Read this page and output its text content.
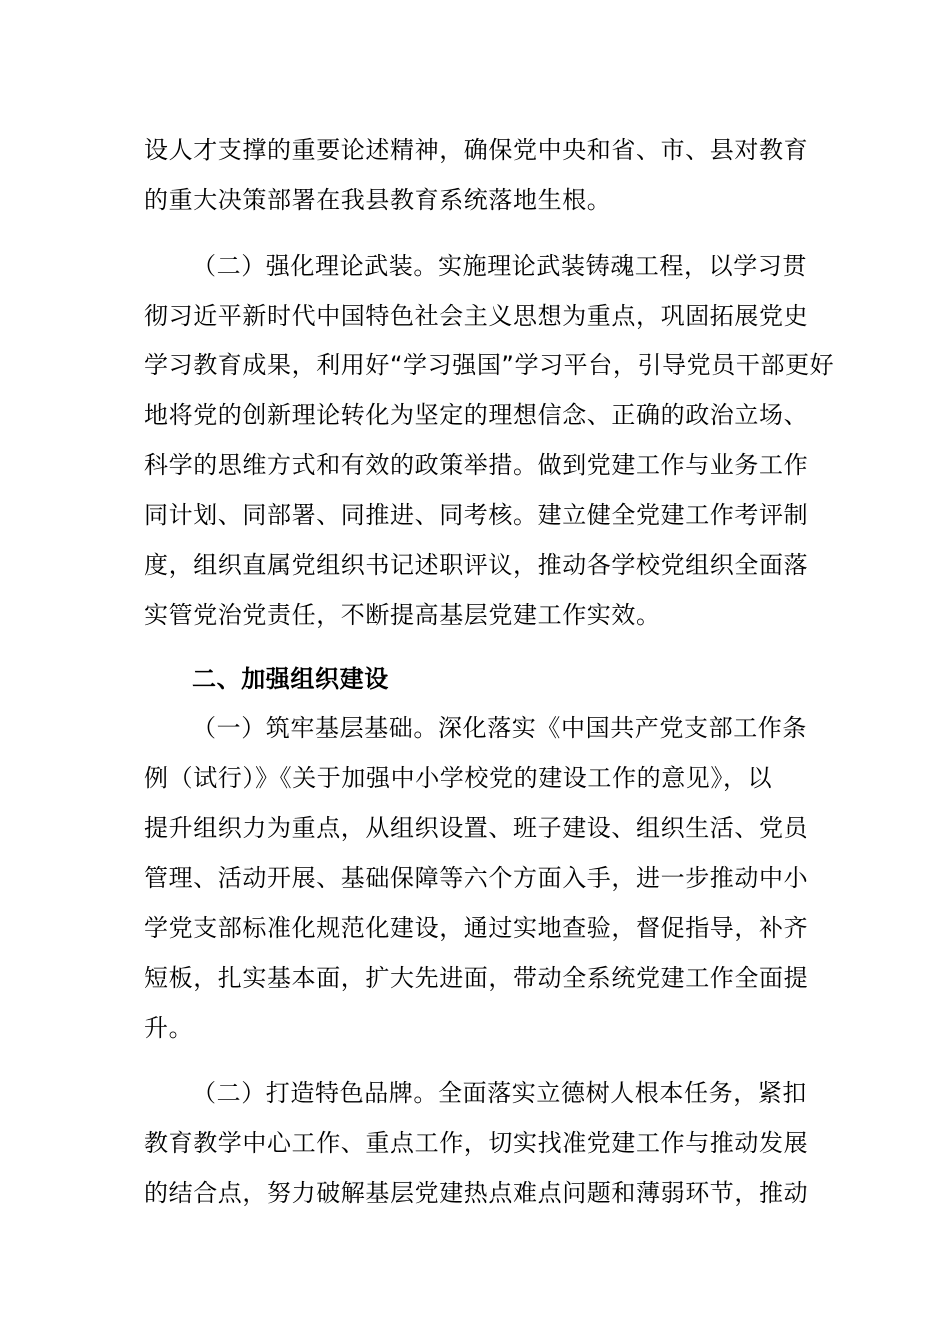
设人才支撑的重要论述精神，确保党中央和省、市、县对教育
的重大决策部署在我县教育系统落地生根。
（二）强化理论武装。实施理论武装铸魂工程，以学习贯
彻习近平新时代中国特色社会主义思想为重点，巩固拓展党史
学习教育成果，利用好“学习强国”学习平台，引导党员干部更好
地将党的创新理论转化为坚定的理想信念、正确的政治立场、
科学的思维方式和有效的政策举措。做到党建工作与业务工作
同计划、同部署、同推进、同考核。建立健全党建工作考评制
度，组织直属党组织书记述职评议，推动各学校党组织全面落
实管党治党责任，不断提高基层党建工作实效。
二、加强组织建设
（一）筑牢基层基础。深化落实《中国共产党支部工作条
例（试行）》《关于加强中小学校党的建设工作的意见》，以
提升组织力为重点，从组织设置、班子建设、组织生活、党员
管理、活动开展、基础保障等六个方面入手，进一步推动中小
学党支部标准化规范化建设，通过实地查验，督促指导，补齐
短板，扎实基本面，扩大先进面，带动全系统党建工作全面提
升。
（二）打造特色品牌。全面落实立德树人根本任务，紧扣
教育教学中心工作、重点工作，切实找准党建工作与推动发展
的结合点，努力破解基层党建热点难点问题和薄弱环节，推动
